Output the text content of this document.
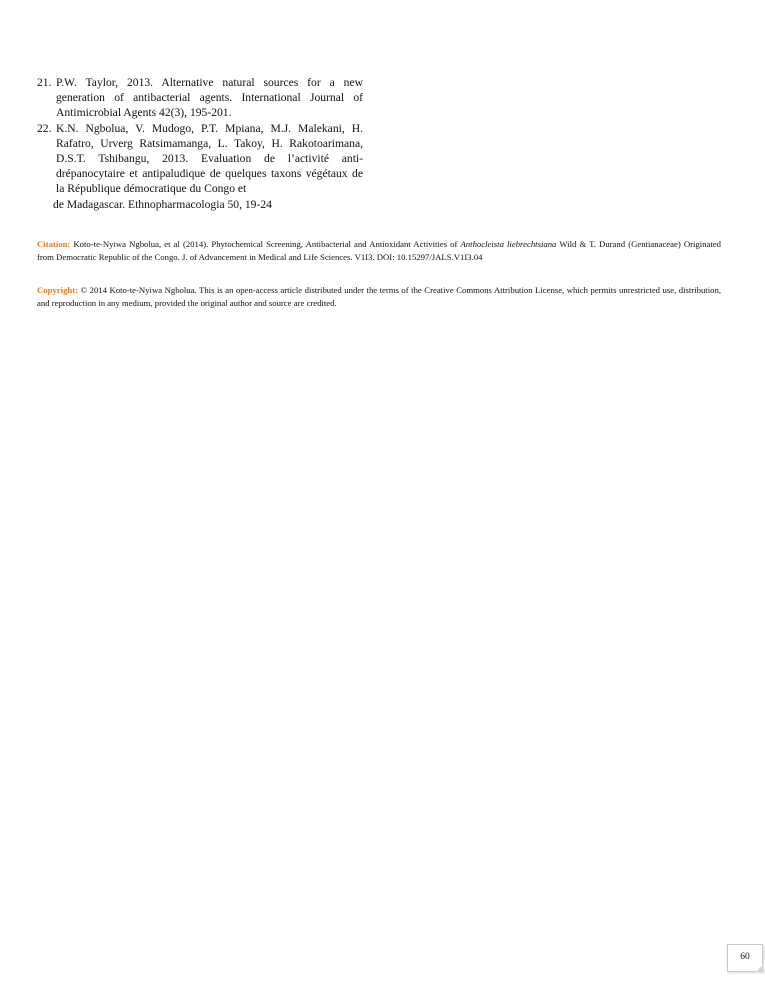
21. P.W. Taylor, 2013. Alternative natural sources for a new generation of antibacterial agents. International Journal of Antimicrobial Agents 42(3), 195-201.
22. K.N. Ngbolua, V. Mudogo, P.T. Mpiana, M.J. Malekani, H. Rafatro, Urverg Ratsimamanga, L. Takoy, H. Rakotoarimana, D.S.T. Tshibangu, 2013. Evaluation de l’activité anti-drépanocytaire et antipaludique de quelques taxons végétaux de la République démocratique du Congo et
de Madagascar. Ethnopharmacologia 50, 19-24
Citation: Koto-te-Nyiwa Ngbolua, et al (2014). Phytochemical Screening, Antibacterial and Antioxidant Activities of Anthocleista liebrechtsiana Wild & T. Durand (Gentianaceae) Originated from Democratic Republic of the Congo. J. of Advancement in Medical and Life Sciences. V1I3. DOI: 10.15297/JALS.V1I3.04
Copyright: © 2014 Koto-te-Nyiwa Ngbolua. This is an open-access article distributed under the terms of the Creative Commons Attribution License, which permits unrestricted use, distribution, and reproduction in any medium, provided the original author and source are credited.
60
